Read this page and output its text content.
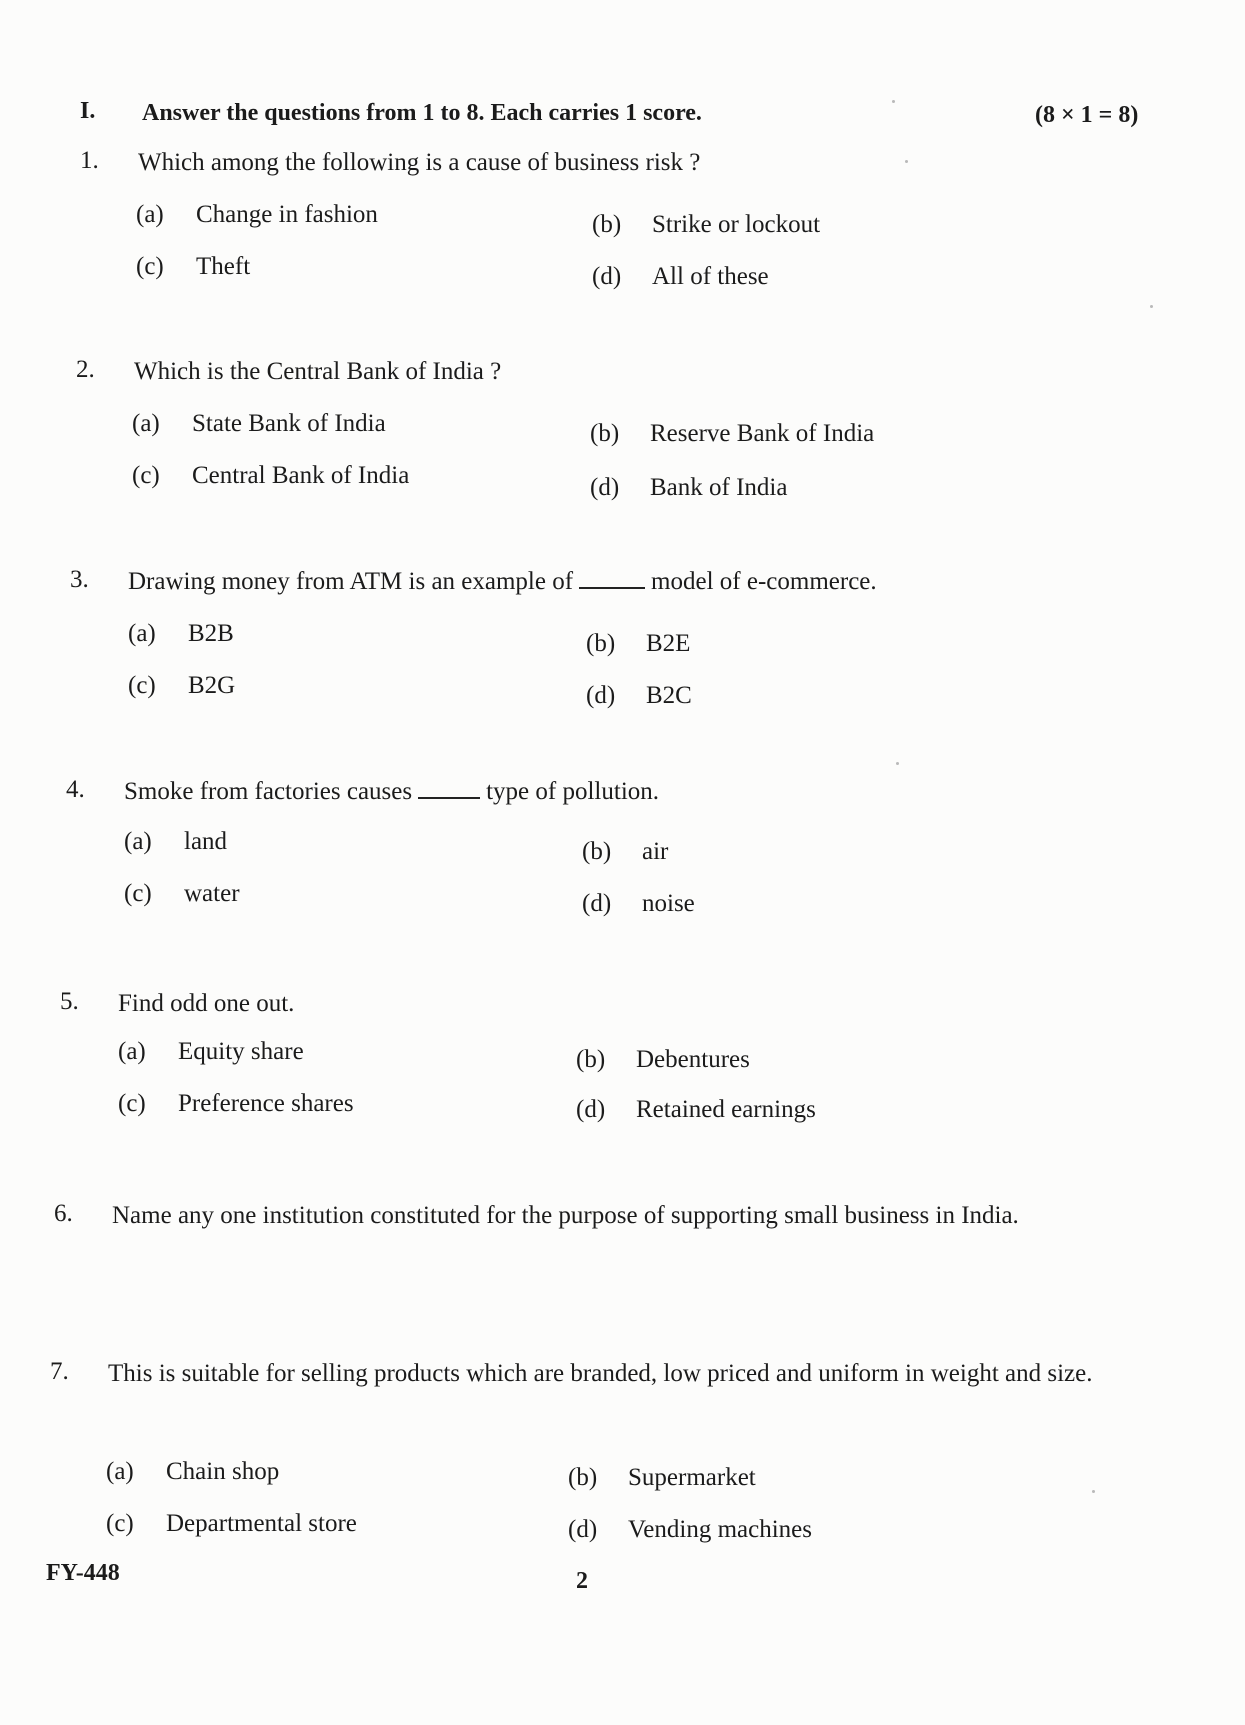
I. Answer the questions from 1 to 8. Each carries 1 score.	(8 × 1 = 8)
1. Which among the following is a cause of business risk ?
(a) Change in fashion	(b) Strike or lockout
(c) Theft	(d) All of these
2. Which is the Central Bank of India ?
(a) State Bank of India	(b) Reserve Bank of India
(c) Central Bank of India	(d) Bank of India
3. Drawing money from ATM is an example of	model of e-commerce.
(a) B2B	(b) B2E
(c) B2G	(d) B2C
4. Smoke from factories causes	type of pollution.
(a) land	(b) air
(c) water	(d) noise
5. Find odd one out.
(a) Equity share	(b) Debentures
(c) Preference shares	(d) Retained earnings
6. Name any one institution constituted for the purpose of supporting small business in India.
7. This is suitable for selling products which are branded, low priced and uniform in weight and size.
(a) Chain shop	(b) Supermarket
(c) Departmental store	(d) Vending machines
FY-448	2
